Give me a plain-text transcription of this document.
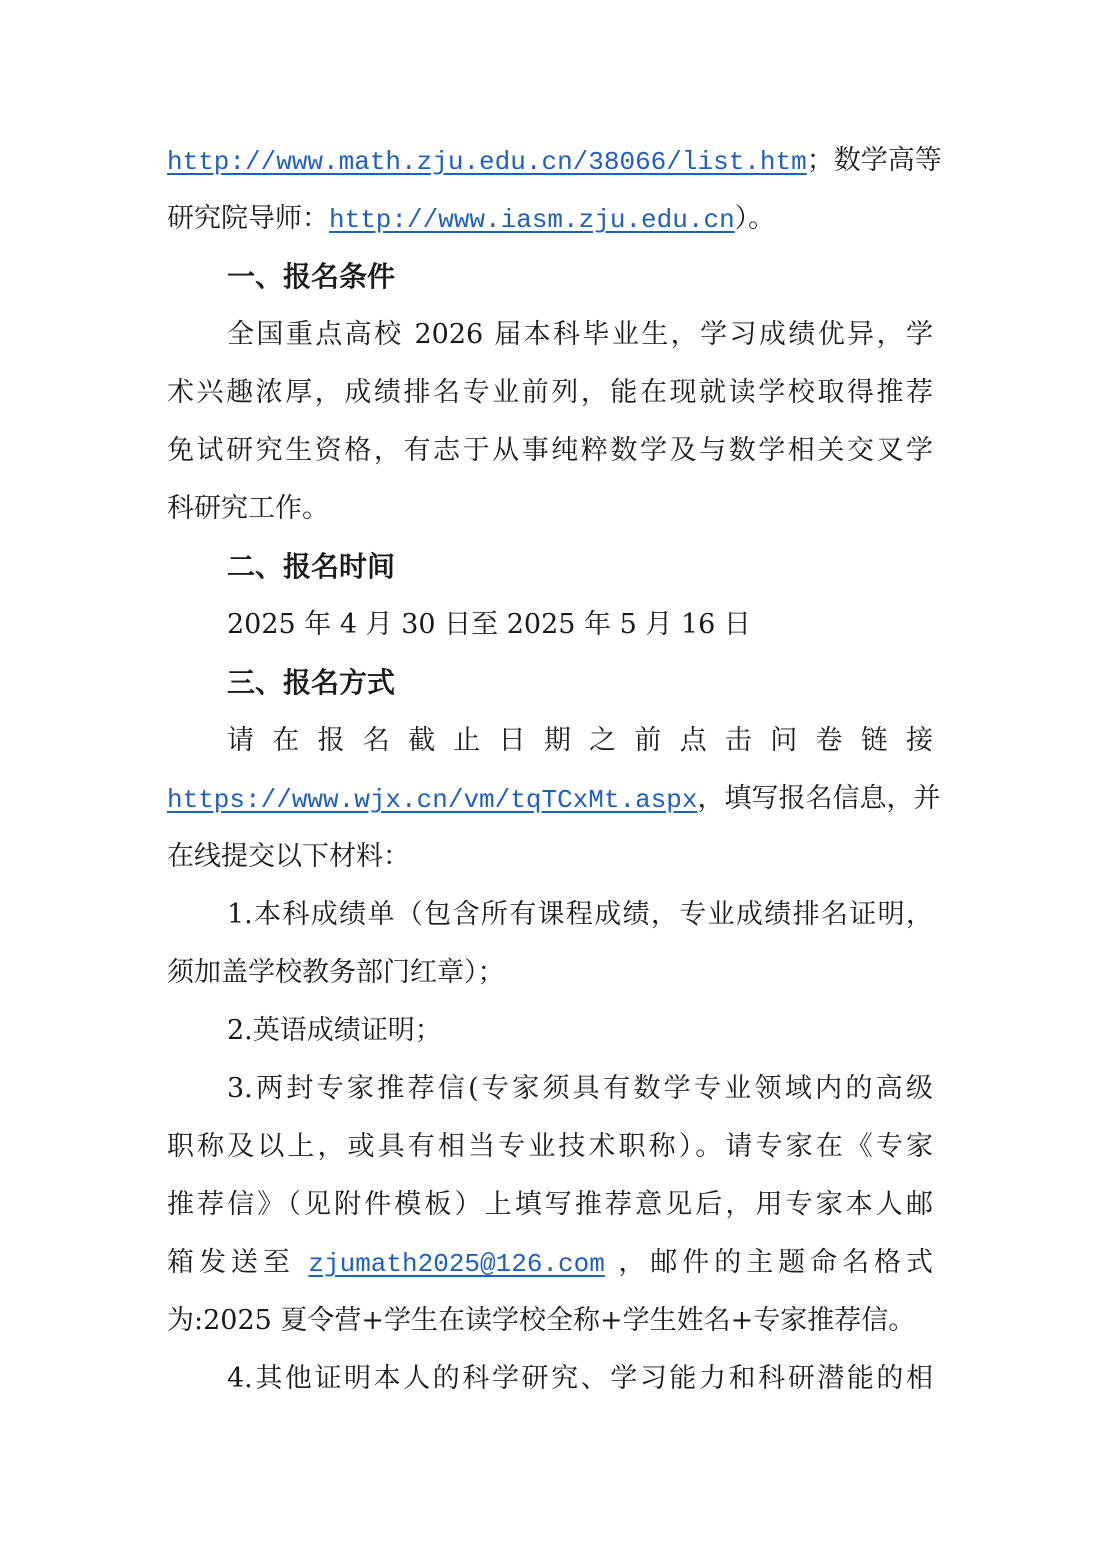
http://www.math.zju.edu.cn/38066/list.htm；数学高等
研究院导师：http://www.iasm.zju.edu.cn）。
一、报名条件
全国重点高校 2026 届本科毕业生，学习成绩优异，学
术兴趣浓厚，成绩排名专业前列，能在现就读学校取得推荐
免试研究生资格，有志于从事纯粹数学及与数学相关交叉学
科研究工作。
二、报名时间
2025 年 4 月 30 日至 2025 年 5 月 16 日
三、报名方式
请在报名截止日期之前点击问卷链接
https://www.wjx.cn/vm/tqTCxMt.aspx，填写报名信息，并
在线提交以下材料：
1.本科成绩单（包含所有课程成绩，专业成绩排名证明，
须加盖学校教务部门红章）；
2.英语成绩证明；
3.两封专家推荐信(专家须具有数学专业领域内的高级
职称及以上，或具有相当专业技术职称）。请专家在《专家
推荐信》（见附件模板）上填写推荐意见后，用专家本人邮
箱发送至 zjumath2025@126.com ，邮件的主题命名格式
为:2025 夏令营+学生在读学校全称+学生姓名+专家推荐信。
4.其他证明本人的科学研究、学习能力和科研潜能的相
